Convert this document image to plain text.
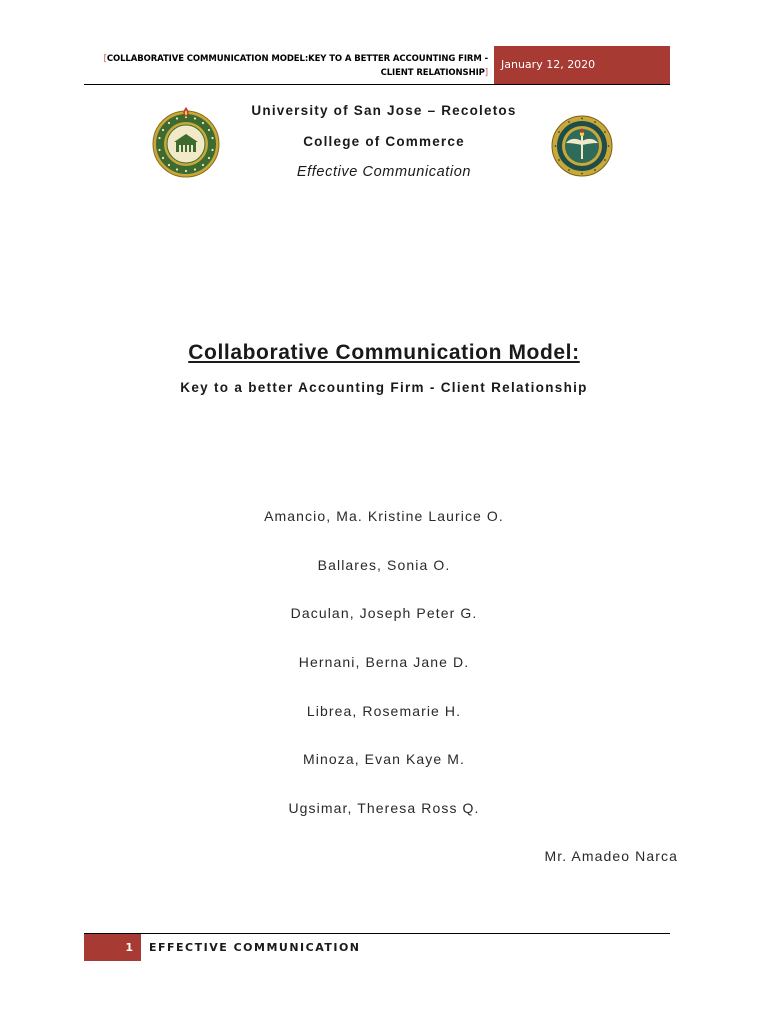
[COLLABORATIVE COMMUNICATION MODEL:KEY TO A BETTER ACCOUNTING FIRM -
CLIENT RELATIONSHIP]
January 12, 2020
University of San Jose – Recoletos
College of Commerce
Effective Communication
Collaborative Communication Model:
Key to a better Accounting Firm - Client Relationship
Amancio, Ma. Kristine Laurice O.
Ballares, Sonia O.
Daculan, Joseph Peter G.
Hernani, Berna Jane D.
Librea, Rosemarie H.
Minoza, Evan Kaye M.
Ugsimar, Theresa Ross Q.
Mr. Amadeo Narca
1	EFFECTIVE COMMUNICATION
